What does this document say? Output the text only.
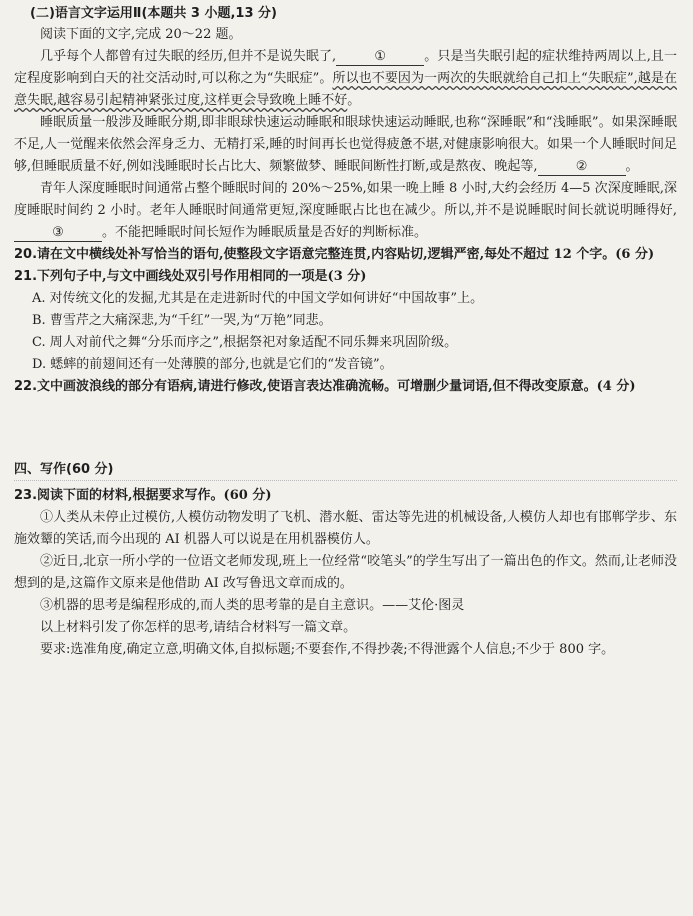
(二)语言文字运用Ⅱ(本题共 3 小题,13 分)

阅读下面的文字,完成 20～22 题。

几乎每个人都曾有过失眠的经历,但并不是说失眠了,	①	。只是当失眠引起的症状维持两周以上,且一定程度影响到白天的社交活动时,可以称之为“失眠症”。所以也不要因为一两次的失眠就给自己扣上“失眠症”,越是在意失眠,越容易引起精神紧张过度,这样更会导致晚上睡不好。

睡眠质量一般涉及睡眠分期,即非眼球快速运动睡眠和眼球快速运动睡眠,也称“深睡眠”和“浅睡眠”。如果深睡眠不足,人一觉醒来依然会浑身乏力、无精打采,睡的时间再长也觉得疲惫不堪,对健康影响很大。如果一个人睡眠时间足够,但睡眠质量不好,例如浅睡眠时长占比大、频繁做梦、睡眠间断性打断,或是熬夜、晚起等,	②	。

青年人深度睡眠时间通常占整个睡眠时间的 20%～25%,如果一晚上睡 8 小时,大约会经历 4—5 次深度睡眠,深度睡眠时间约 2 小时。老年人睡眠时间通常更短,深度睡眠占比也在减少。所以,并不是说睡眠时间长就说明睡得好,③	。不能把睡眠时间长短作为睡眠质量是否好的判断标准。

20.请在文中横线处补写恰当的语句,使整段文字语意完整连贯,内容贴切,逻辑严密,每处不超过 12 个字。(6 分)

21.下列句子中,与文中画线处双引号作用相同的一项是(3 分)

A. 对传统文化的发掘,尤其是在走进新时代的中国文学如何讲好“中国故事”上。
B. 曹雪芹之大痛深悲,为“千红”一哭,为“万艳”同悲。
C. 周人对前代之舞“分乐而序之”,根据祭祀对象适配不同乐舞来巩固阶级。
D. 蟋蟀的前翅间还有一处薄膜的部分,也就是它们的“发音镜”。

22.文中画波浪线的部分有语病,请进行修改,使语言表达准确流畅。可增删少量词语,但不得改变原意。(4 分)

四、写作(60 分)

23.阅读下面的材料,根据要求写作。(60 分)

①人类从未停止过模仿,人模仿动物发明了飞机、潜水艇、雷达等先进的机械设备,人模仿人却也有邯郸学步、东施效颦的笑话,而今出现的 AI 机器人可以说是在用机器模仿人。

②近日,北京一所小学的一位语文老师发现,班上一位经常“咬笔头”的学生写出了一篇出色的作文。然而,让老师没想到的是,这篇作文原来是他借助 AI 改写鲁迅文章而成的。

③机器的思考是编程形成的,而人类的思考靠的是自主意识。——艾伦·图灵

以上材料引发了你怎样的思考,请结合材料写一篇文章。

要求:选准角度,确定立意,明确文体,自拟标题;不要套作,不得抄袭;不得泄露个人信息;不少于 800 字。
